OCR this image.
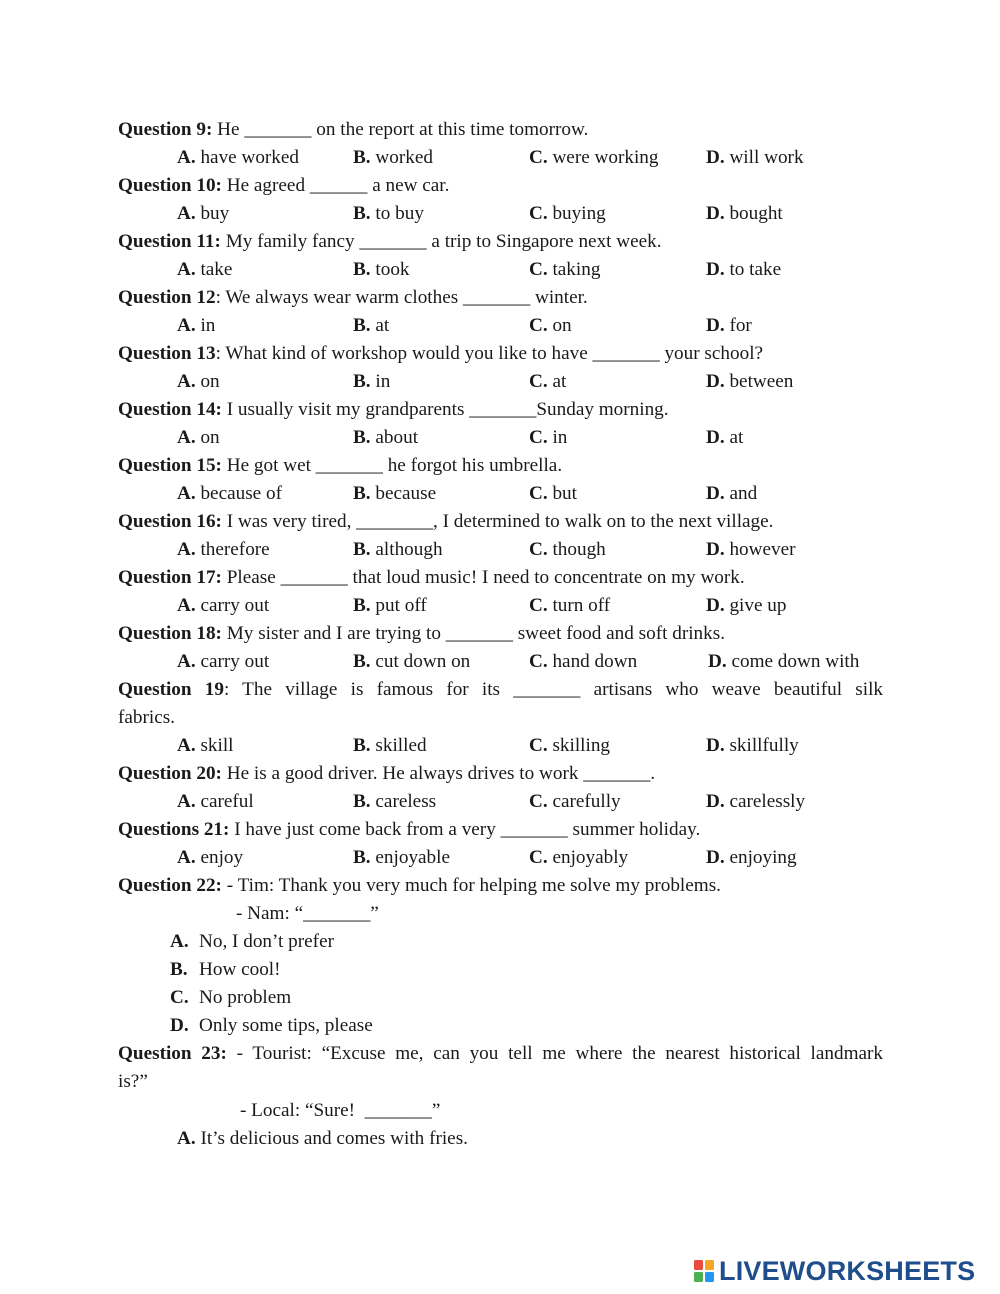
Question 9: He _______ on the report at this time tomorrow.
A. have worked	B. worked	C. were working D. will work
Question 10: He agreed ______ a new car.
A. buy	B. to buy	C. buying	D. bought
Question 11: My family fancy _______ a trip to Singapore next week.
A. take	B. took	C. taking	D. to take
Question 12: We always wear warm clothes _______ winter.
A. in	B. at	C. on	D. for
Question 13: What kind of workshop would you like to have _______ your school?
A. on	B. in	C. at	D. between
Question 14: I usually visit my grandparents _______Sunday morning.
A. on	B. about	C. in	D. at
Question 15: He got wet _______ he forgot his umbrella.
A. because of	B. because	C. but	D. and
Question 16: I was very tired, ________, I determined to walk on to the next village.
A. therefore	B. although	C. though	D. however
Question 17: Please _______ that loud music! I need to concentrate on my work.
A. carry out	B. put off	C. turn off	D. give up
Question 18: My sister and I are trying to _______ sweet food and soft drinks.
A. carry out	B. cut down on	C. hand down	D. come down with
Question 19: The village is famous for its _______ artisans who weave beautiful silk
fabrics.
A. skill	B. skilled	C. skilling	D. skillfully
Question 20: He is a good driver. He always drives to work _______.
A. careful	B. careless	C. carefully	D. carelessly
Questions 21: I have just come back from a very _______ summer holiday.
A. enjoy	B. enjoyable	C. enjoyably	D. enjoying
Question 22: - Tim: Thank you very much for helping me solve my problems.
- Nam: “_______”
A. No, I don’t prefer
B. How cool!
C. No problem
D. Only some tips, please
Question 23: - Tourist: “Excuse me, can you tell me where the nearest historical landmark
is?”
- Local: “Sure!  _______”
A. It’s delicious and comes with fries.
LIVEWORKSHEETS
